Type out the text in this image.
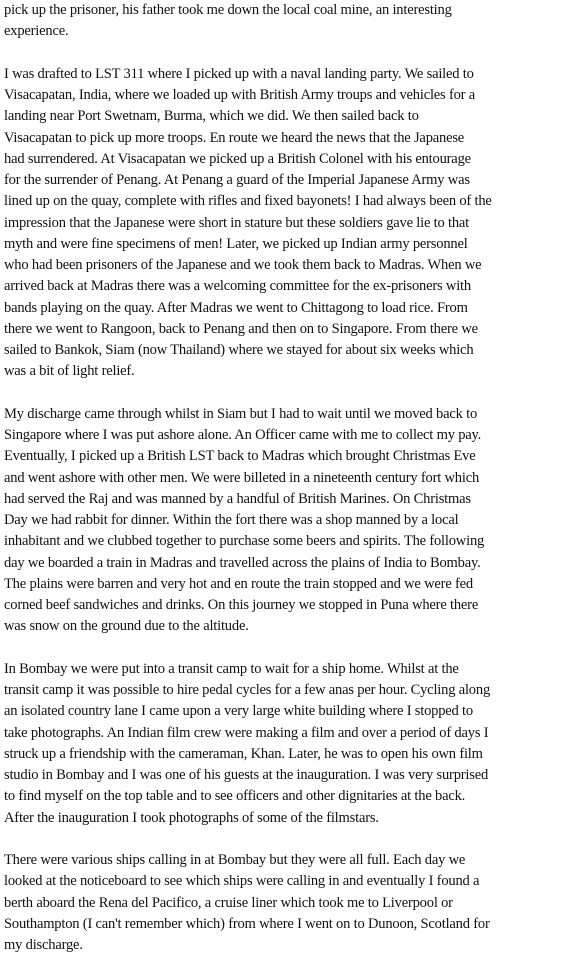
pick up the prisoner, his father took me down the local coal mine, an interesting
experience.
I was drafted to LST 311 where I picked up with a naval landing party. We sailed to
Visacapatan, India, where we loaded up with British Army troups and vehicles for a
landing near Port Swetnam, Burma, which we did. We then sailed back to
Visacapatan to pick up more troops. En route we heard the news that the Japanese
had surrendered. At Visacapatan we picked up a British Colonel with his entourage
for the surrender of Penang. At Penang a guard of the Imperial Japanese Army was
lined up on the quay, complete with rifles and fixed bayonets! I had always been of the
impression that the Japanese were short in stature but these soldiers gave lie to that
myth and were fine specimens of men! Later, we picked up Indian army personnel
who had been prisoners of the Japanese and we took them back to Madras. When we
arrived back at Madras there was a welcoming committee for the ex-prisoners with
bands playing on the quay. After Madras we went to Chittagong to load rice. From
there we went to Rangoon, back to Penang and then on to Singapore. From there we
sailed to Bankok, Siam (now Thailand) where we stayed for about six weeks which
was a bit of light relief.
My discharge came through whilst in Siam but I had to wait until we moved back to
Singapore where I was put ashore alone. An Officer came with me to collect my pay.
Eventually, I picked up a British LST back to Madras which brought Christmas Eve
and went ashore with other men. We were billeted in a nineteenth century fort which
had served the Raj and was manned by a handful of British Marines. On Christmas
Day we had rabbit for dinner. Within the fort there was a shop manned by a local
inhabitant and we clubbed together to purchase some beers and spirits. The following
day we boarded a train in Madras and travelled across the plains of India to Bombay.
The plains were barren and very hot and en route the train stopped and we were fed
corned beef sandwiches and drinks. On this journey we stopped in Puna where there
was snow on the ground due to the altitude.
In Bombay we were put into a transit camp to wait for a ship home. Whilst at the
transit camp it was possible to hire pedal cycles for a few anas per hour. Cycling along
an isolated country lane I came upon a very large white building where I stopped to
take photographs. An Indian film crew were making a film and over a period of days I
struck up a friendship with the cameraman, Khan. Later, he was to open his own film
studio in Bombay and I was one of his guests at the inauguration. I was very surprised
to find myself on the top table and to see officers and other dignitaries at the back.
After the inauguration I took photographs of some of the filmstars.
There were various ships calling in at Bombay but they were all full. Each day we
looked at the noticeboard to see which ships were calling in and eventually I found a
berth aboard the Rena del Pacifico, a cruise liner which took me to Liverpool or
Southampton (I can't remember which) from where I went on to Dunoon, Scotland for
my discharge.
